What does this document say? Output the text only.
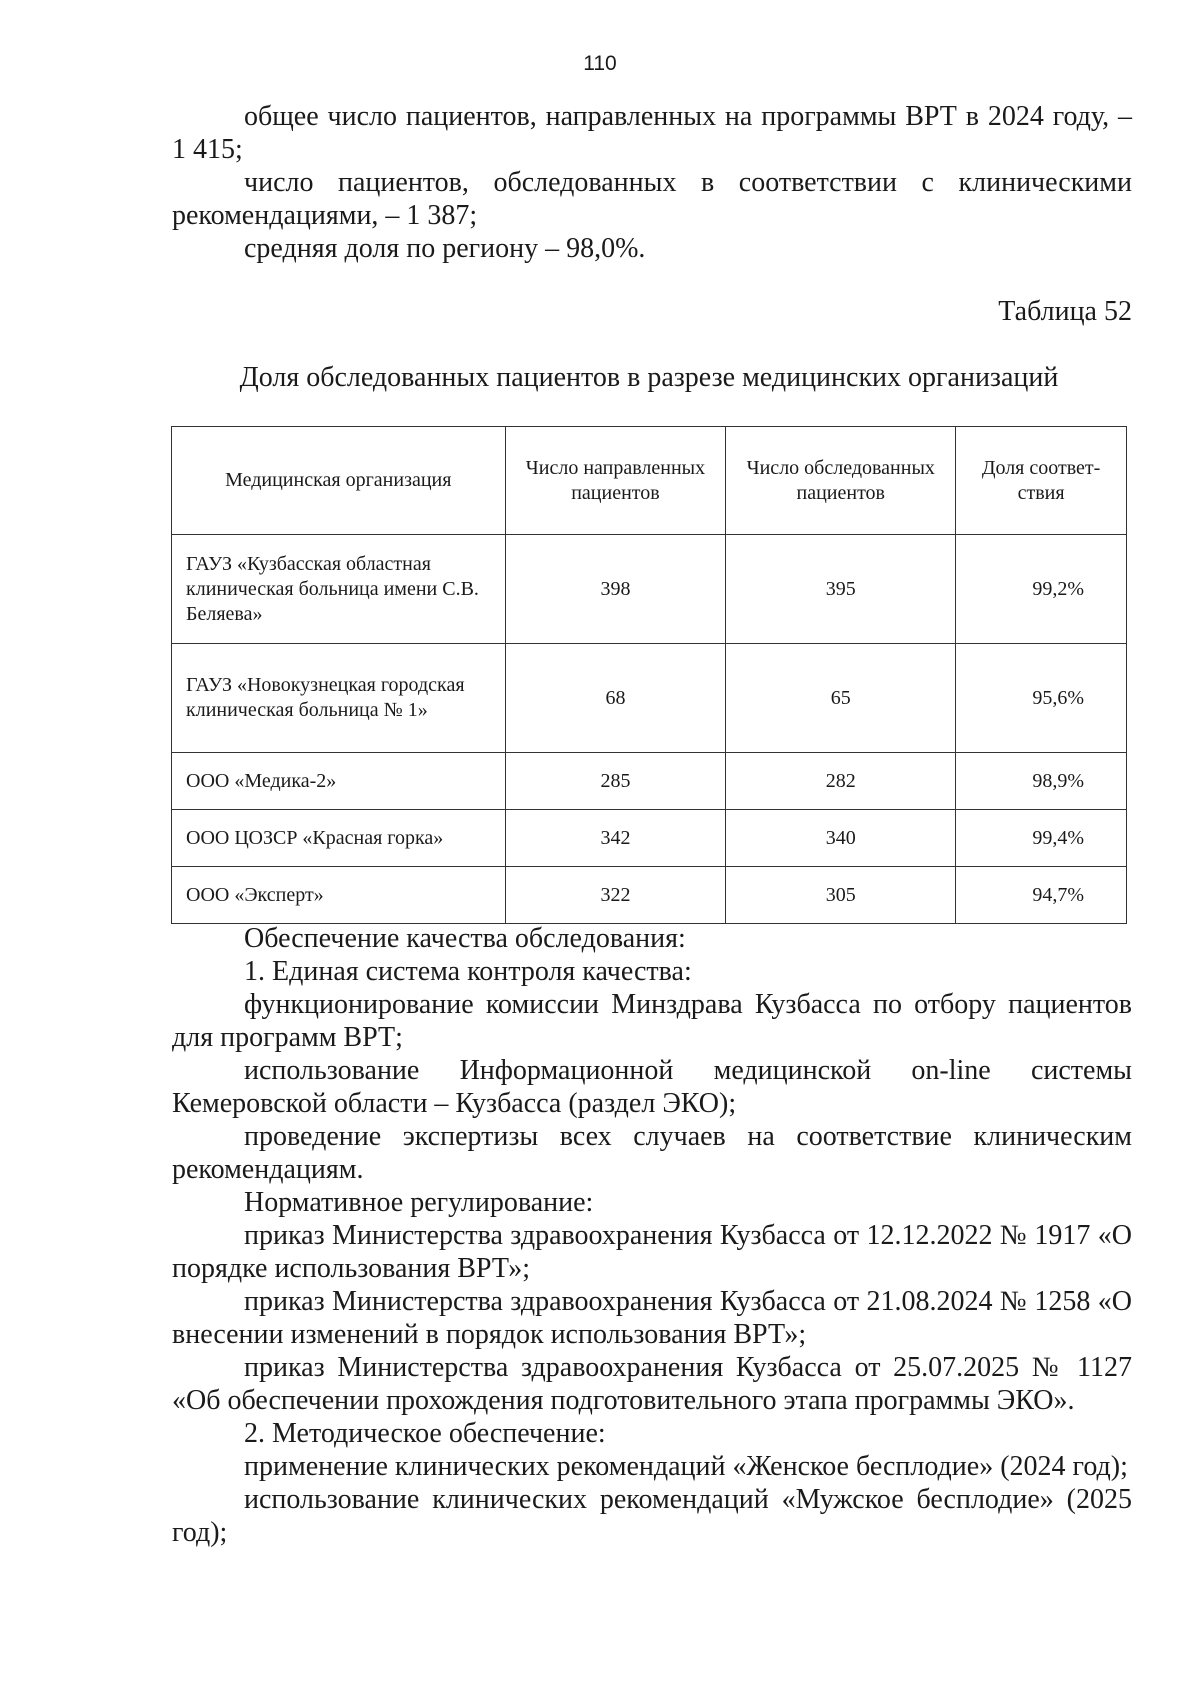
110

общее число пациентов, направленных на программы ВРТ в 2024 году, – 1 415;

число пациентов, обследованных в соответствии с клиническими рекомендациями, – 1 387;

средняя доля по региону – 98,0%.

Таблица 52
Доля обследованных пациентов в разрезе медицинских организаций
Медицинская организация	Число направленных пациентов	Число обследованных пациентов	Доля соответ-ствия
ГАУЗ «Кузбасская областная клиническая больница имени С.В. Беляева»	398	395	99,2%
ГАУЗ «Новокузнецкая городская клиническая больница № 1»	68	65	95,6%
ООО «Медика-2»	285	282	98,9%
ООО ЦОЗСР «Красная горка»	342	340	99,4%
ООО «Эксперт»	322	305	94,7%

Обеспечение качества обследования:

1. Единая система контроля качества:

функционирование комиссии Минздрава Кузбасса по отбору пациентов для программ ВРТ;

использование Информационной медицинской on-line системы Кемеровской области – Кузбасса (раздел ЭКО);

проведение экспертизы всех случаев на соответствие клиническим рекомендациям.

Нормативное регулирование:

приказ Министерства здравоохранения Кузбасса от 12.12.2022 № 1917 «О порядке использования ВРТ»;

приказ Министерства здравоохранения Кузбасса от 21.08.2024 № 1258 «О внесении изменений в порядок использования ВРТ»;

приказ Министерства здравоохранения Кузбасса от 25.07.2025 № 1127 «Об обеспечении прохождения подготовительного этапа программы ЭКО».

2. Методическое обеспечение:

применение клинических рекомендаций «Женское бесплодие» (2024 год);

использование клинических рекомендаций «Мужское бесплодие» (2025 год);
